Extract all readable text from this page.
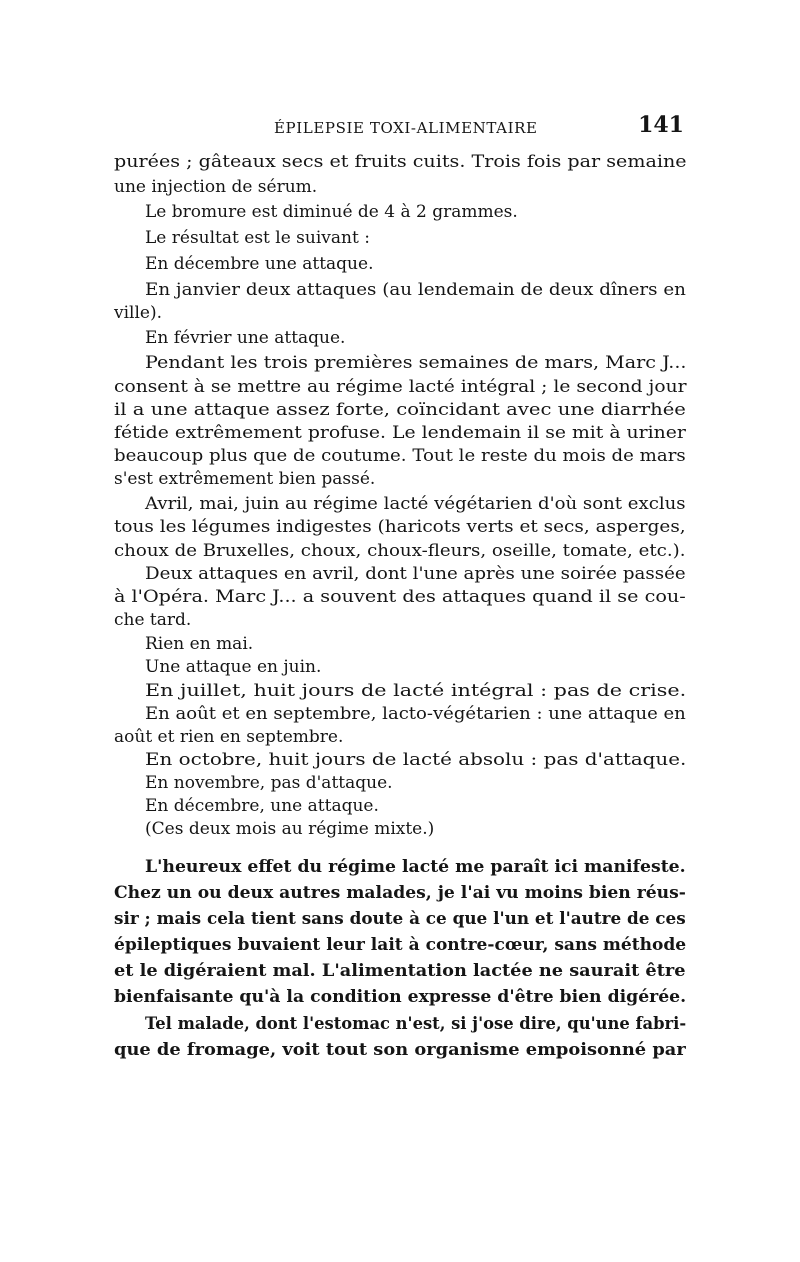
ÉPILEPSIE TOXI-ALIMENTAIRE	141
purées ; gâteaux secs et fruits cuits. Trois fois par semaine
une injection de sérum.
Le bromure est diminué de 4 à 2 grammes.
Le résultat est le suivant :
En décembre une attaque.
En janvier deux attaques (au lendemain de deux dîners en
ville).
En février une attaque.
Pendant les trois premières semaines de mars, Marc J...
consent à se mettre au régime lacté intégral ; le second jour
il a une attaque assez forte, coïncidant avec une diarrhée
fétide extrêmement profuse. Le lendemain il se mit à uriner
beaucoup plus que de coutume. Tout le reste du mois de mars
s'est extrêmement bien passé.
Avril, mai, juin au régime lacté végétarien d'où sont exclus
tous les légumes indigestes (haricots verts et secs, asperges,
choux de Bruxelles, choux, choux-fleurs, oseille, tomate, etc.).
Deux attaques en avril, dont l'une après une soirée passée
à l'Opéra. Marc J... a souvent des attaques quand il se cou-
che tard.
Rien en mai.
Une attaque en juin.
En juillet, huit jours de lacté intégral : pas de crise.
En août et en septembre, lacto-végétarien : une attaque en
août et rien en septembre.
En octobre, huit jours de lacté absolu : pas d'attaque.
En novembre, pas d'attaque.
En décembre, une attaque.
(Ces deux mois au régime mixte.)
L'heureux effet du régime lacté me paraît ici manifeste.
Chez un ou deux autres malades, je l'ai vu moins bien réus-
sir ; mais cela tient sans doute à ce que l'un et l'autre de ces
épileptiques buvaient leur lait à contre-cœur, sans méthode
et le digéraient mal. L'alimentation lactée ne saurait être
bienfaisante qu'à la condition expresse d'être bien digérée.
Tel malade, dont l'estomac n'est, si j'ose dire, qu'une fabri-
que de fromage, voit tout son organisme empoisonné par
